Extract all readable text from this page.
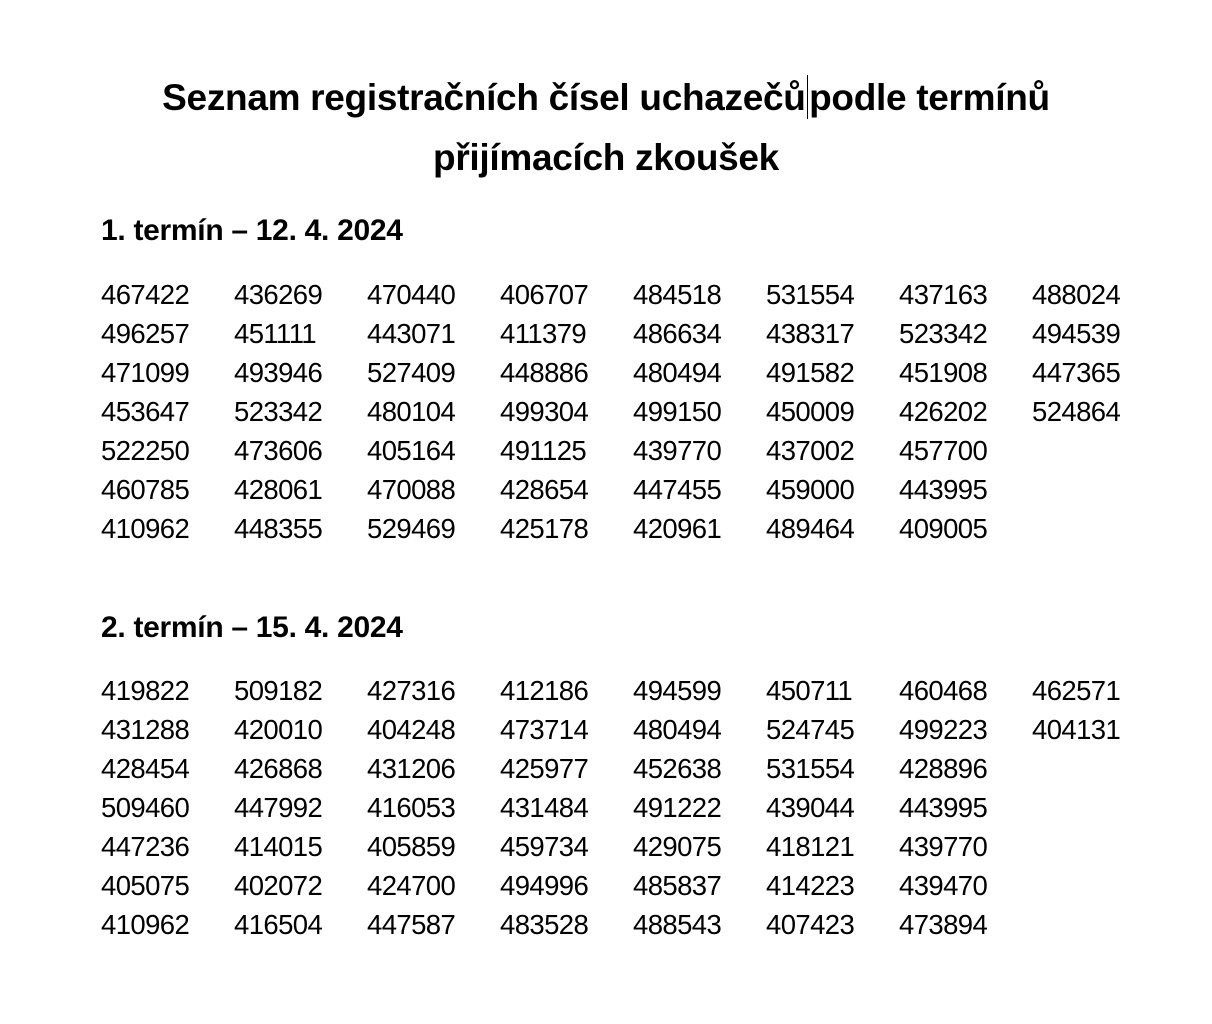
Seznam registračních čísel uchazečůpodle termínů
přijímacích zkoušek
1. termín – 12. 4. 2024
467422 436269 470440 406707 484518 531554 437163 488024
496257 451111 443071 411379 486634 438317 523342 494539
471099 493946 527409 448886 480494 491582 451908 447365
453647 523342 480104 499304 499150 450009 426202 524864
522250 473606 405164 491125 439770 437002 457700
460785 428061 470088 428654 447455 459000 443995
410962 448355 529469 425178 420961 489464 409005
2. termín – 15. 4. 2024
419822 509182 427316 412186 494599 450711 460468 462571
431288 420010 404248 473714 480494 524745 499223 404131
428454 426868 431206 425977 452638 531554 428896
509460 447992 416053 431484 491222 439044 443995
447236 414015 405859 459734 429075 418121 439770
405075 402072 424700 494996 485837 414223 439470
410962 416504 447587 483528 488543 407423 473894
